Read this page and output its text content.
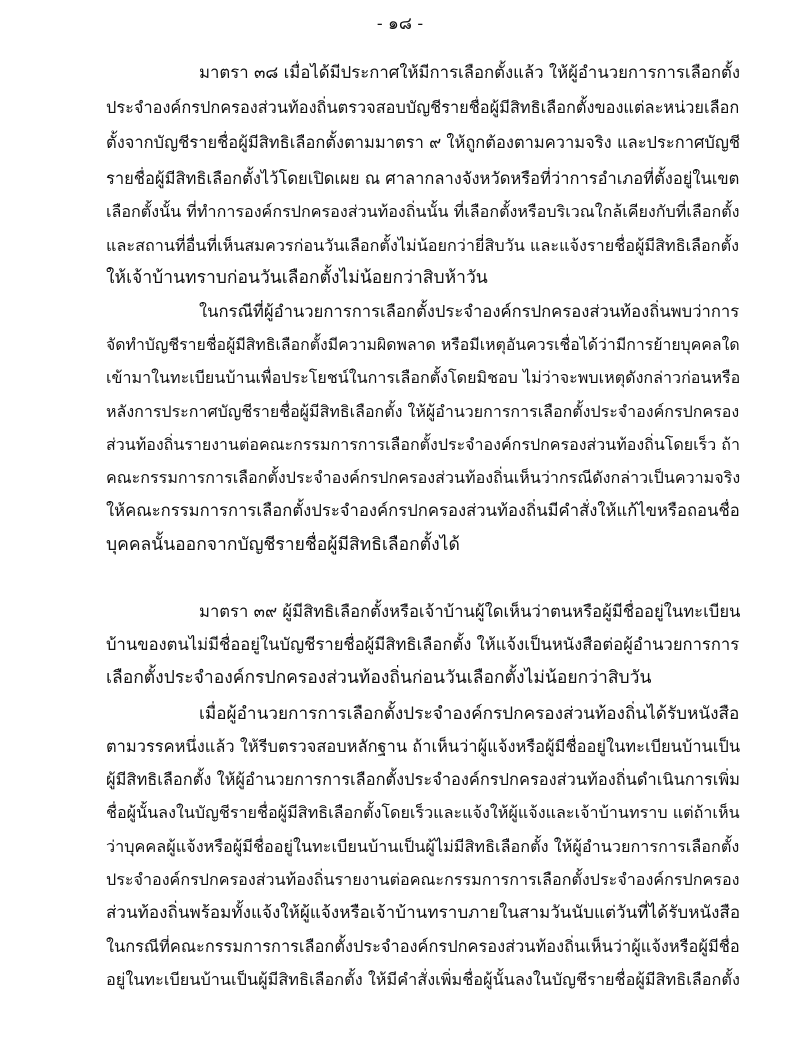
- ๑๘ -
มาตรา ๓๘ เมื่อได้มีประกาศให้มีการเลือกตั้งแล้ว ให้ผู้อำนวยการการเลือกตั้ง
ประจำองค์กรปกครองส่วนท้องถิ่นตรวจสอบบัญชีรายชื่อผู้มีสิทธิเลือกตั้งของแต่ละหน่วยเลือก
ตั้งจากบัญชีรายชื่อผู้มีสิทธิเลือกตั้งตามมาตรา ๙ ให้ถูกต้องตามความจริง และประกาศบัญชี
รายชื่อผู้มีสิทธิเลือกตั้งไว้โดยเปิดเผย ณ ศาลากลางจังหวัดหรือที่ว่าการอำเภอที่ตั้งอยู่ในเขต
เลือกตั้งนั้น ที่ทำการองค์กรปกครองส่วนท้องถิ่นนั้น ที่เลือกตั้งหรือบริเวณใกล้เคียงกับที่เลือกตั้ง
และสถานที่อื่นที่เห็นสมควรก่อนวันเลือกตั้งไม่น้อยกว่ายี่สิบวัน และแจ้งรายชื่อผู้มีสิทธิเลือกตั้ง
ให้เจ้าบ้านทราบก่อนวันเลือกตั้งไม่น้อยกว่าสิบห้าวัน
ในกรณีที่ผู้อำนวยการการเลือกตั้งประจำองค์กรปกครองส่วนท้องถิ่นพบว่าการ
จัดทำบัญชีรายชื่อผู้มีสิทธิเลือกตั้งมีความผิดพลาด หรือมีเหตุอันควรเชื่อได้ว่ามีการย้ายบุคคลใด
เข้ามาในทะเบียนบ้านเพื่อประโยชน์ในการเลือกตั้งโดยมิชอบ ไม่ว่าจะพบเหตุดังกล่าวก่อนหรือ
หลังการประกาศบัญชีรายชื่อผู้มีสิทธิเลือกตั้ง ให้ผู้อำนวยการการเลือกตั้งประจำองค์กรปกครอง
ส่วนท้องถิ่นรายงานต่อคณะกรรมการการเลือกตั้งประจำองค์กรปกครองส่วนท้องถิ่นโดยเร็ว ถ้า
คณะกรรมการการเลือกตั้งประจำองค์กรปกครองส่วนท้องถิ่นเห็นว่ากรณีดังกล่าวเป็นความจริง
ให้คณะกรรมการการเลือกตั้งประจำองค์กรปกครองส่วนท้องถิ่นมีคำสั่งให้แก้ไขหรือถอนชื่อ
บุคคลนั้นออกจากบัญชีรายชื่อผู้มีสิทธิเลือกตั้งได้
มาตรา ๓๙ ผู้มีสิทธิเลือกตั้งหรือเจ้าบ้านผู้ใดเห็นว่าตนหรือผู้มีชื่ออยู่ในทะเบียน
บ้านของตนไม่มีชื่ออยู่ในบัญชีรายชื่อผู้มีสิทธิเลือกตั้ง ให้แจ้งเป็นหนังสือต่อผู้อำนวยการการ
เลือกตั้งประจำองค์กรปกครองส่วนท้องถิ่นก่อนวันเลือกตั้งไม่น้อยกว่าสิบวัน
เมื่อผู้อำนวยการการเลือกตั้งประจำองค์กรปกครองส่วนท้องถิ่นได้รับหนังสือ
ตามวรรคหนึ่งแล้ว ให้รีบตรวจสอบหลักฐาน ถ้าเห็นว่าผู้แจ้งหรือผู้มีชื่ออยู่ในทะเบียนบ้านเป็น
ผู้มีสิทธิเลือกตั้ง ให้ผู้อำนวยการการเลือกตั้งประจำองค์กรปกครองส่วนท้องถิ่นดำเนินการเพิ่ม
ชื่อผู้นั้นลงในบัญชีรายชื่อผู้มีสิทธิเลือกตั้งโดยเร็วและแจ้งให้ผู้แจ้งและเจ้าบ้านทราบ แต่ถ้าเห็น
ว่าบุคคลผู้แจ้งหรือผู้มีชื่ออยู่ในทะเบียนบ้านเป็นผู้ไม่มีสิทธิเลือกตั้ง ให้ผู้อำนวยการการเลือกตั้ง
ประจำองค์กรปกครองส่วนท้องถิ่นรายงานต่อคณะกรรมการการเลือกตั้งประจำองค์กรปกครอง
ส่วนท้องถิ่นพร้อมทั้งแจ้งให้ผู้แจ้งหรือเจ้าบ้านทราบภายในสามวันนับแต่วันที่ได้รับหนังสือ
ในกรณีที่คณะกรรมการการเลือกตั้งประจำองค์กรปกครองส่วนท้องถิ่นเห็นว่าผู้แจ้งหรือผู้มีชื่อ
อยู่ในทะเบียนบ้านเป็นผู้มีสิทธิเลือกตั้ง ให้มีคำสั่งเพิ่มชื่อผู้นั้นลงในบัญชีรายชื่อผู้มีสิทธิเลือกตั้ง
